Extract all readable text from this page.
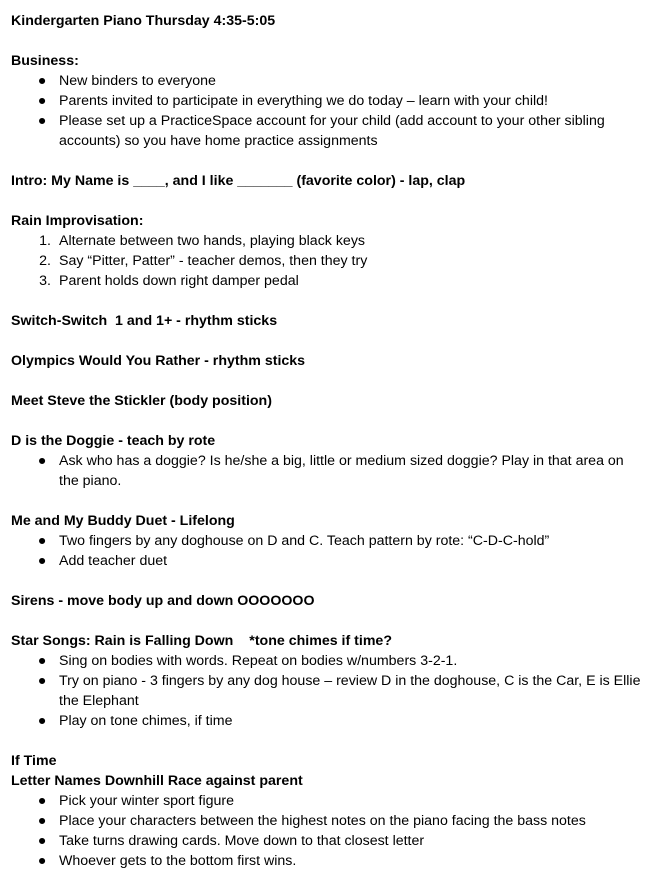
Kindergarten Piano Thursday 4:35-5:05

Business:

● New binders to everyone
● Parents invited to participate in everything we do today – learn with your child!
● Please set up a PracticeSpace account for your child (add account to your other sibling accounts) so you have home practice assignments

Intro: My Name is ____, and I like _______ (favorite color) - lap, clap

Rain Improvisation:

1. Alternate between two hands, playing black keys
2. Say “Pitter, Patter” - teacher demos, then they try
3. Parent holds down right damper pedal

Switch-Switch  1 and 1+ - rhythm sticks

Olympics Would You Rather - rhythm sticks

Meet Steve the Stickler (body position)

D is the Doggie - teach by rote

● Ask who has a doggie? Is he/she a big, little or medium sized doggie? Play in that area on the piano.

Me and My Buddy Duet - Lifelong

● Two fingers by any doghouse on D and C. Teach pattern by rote: “C-D-C-hold”
● Add teacher duet

Sirens - move body up and down OOOOOOO

Star Songs: Rain is Falling Down *tone chimes if time?

● Sing on bodies with words. Repeat on bodies w/numbers 3-2-1.
● Try on piano - 3 fingers by any dog house – review D in the doghouse, C is the Car, E is Ellie the Elephant
● Play on tone chimes, if time

If Time

Letter Names Downhill Race against parent

● Pick your winter sport figure
● Place your characters between the highest notes on the piano facing the bass notes
● Take turns drawing cards. Move down to that closest letter
● Whoever gets to the bottom first wins.
